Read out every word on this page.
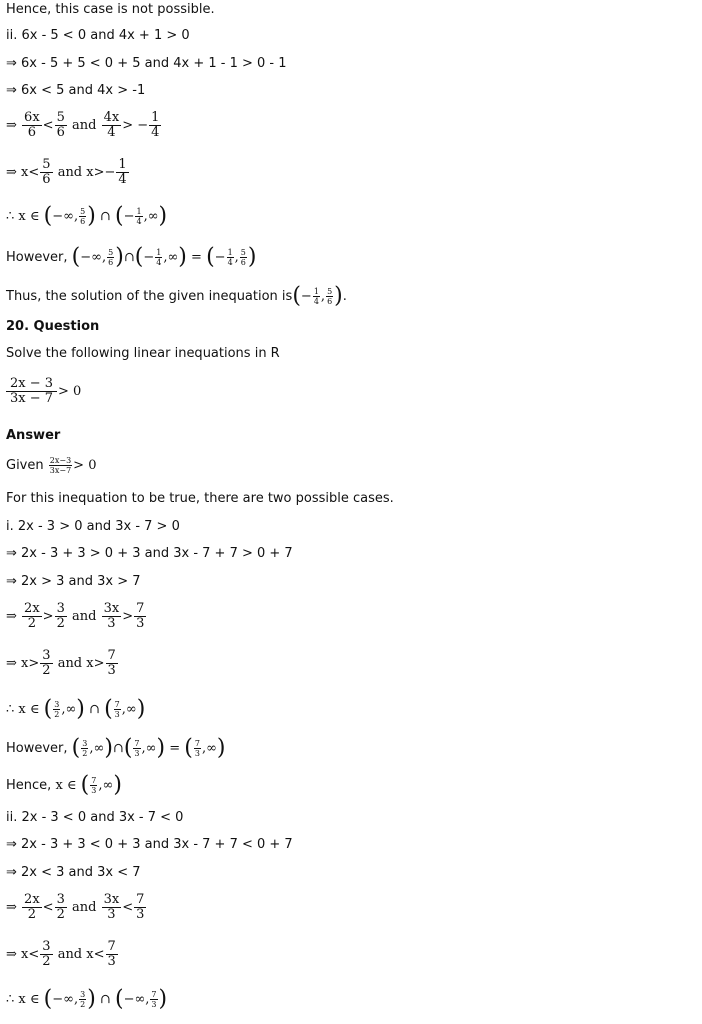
Hence, this case is not possible.
ii. 6x - 5 < 0 and 4x + 1 > 0
⇒ 6x - 5 + 5 < 0 + 5 and 4x + 1 - 1 > 0 - 1
⇒ 6x < 5 and 4x > -1
⇒ $\frac{6x}{6} < \frac{5}{6}$ and $\frac{4x}{4}$ > − $\frac{1}{4}$
⇒ $x< \frac{5}{6}$ and $x>- \frac{1}{4}$
∴ x ∈ (−∞, $\frac{5}{6}$ ) ∩ (− $\frac{1}{4}$ ,∞)
However, (−∞, $\frac{5}{6}$ )∩(− $\frac{1}{4}$ ,∞) = (− $\frac{1}{4}$ , $\frac{5}{6}$ )
Thus, the solution of the given inequation $is(- \frac{1}{4}$ , $\frac{5}{6}$ ).
20. Question
Solve the following linear inequations in R
$\frac{2x - 3}{3x - 7} > 0$
Answer
Given $\frac{2x-3}{3x-7} > 0$
For this inequation to be true, there are two possible cases.
i. 2x - 3 > 0 and 3x - 7 > 0
⇒ 2x - 3 + 3 > 0 + 3 and 3x - 7 + 7 > 0 + 7
⇒ 2x > 3 and 3x > 7
⇒ $\frac{2x}{2} > \frac{3}{2}$ and $\frac{3x}{3} > \frac{7}{3}$
⇒ $x> \frac{3}{2}$ and $x> \frac{7}{3}$
∴ x ∈ ( $\frac{3}{2}$ ,∞) ∩ ( $\frac{7}{3}$ ,∞)
However, ( $\frac{3}{2}$ ,∞)∩( $\frac{7}{3}$ ,∞) = ( $\frac{7}{3}$ ,∞)
Hence, x ∈ ( $\frac{7}{3}$ ,∞)
ii. 2x - 3 < 0 and 3x - 7 < 0
⇒ 2x - 3 + 3 < 0 + 3 and 3x - 7 + 7 < 0 + 7
⇒ 2x < 3 and 3x < 7
⇒ $\frac{2x}{2} < \frac{3}{2}$ and $\frac{3x}{3} < \frac{7}{3}$
⇒ $x< \frac{3}{2}$ and $x< \frac{7}{3}$
∴ x ∈ (−∞, $\frac{3}{2}$ ) ∩ (−∞, $\frac{7}{3}$ )
